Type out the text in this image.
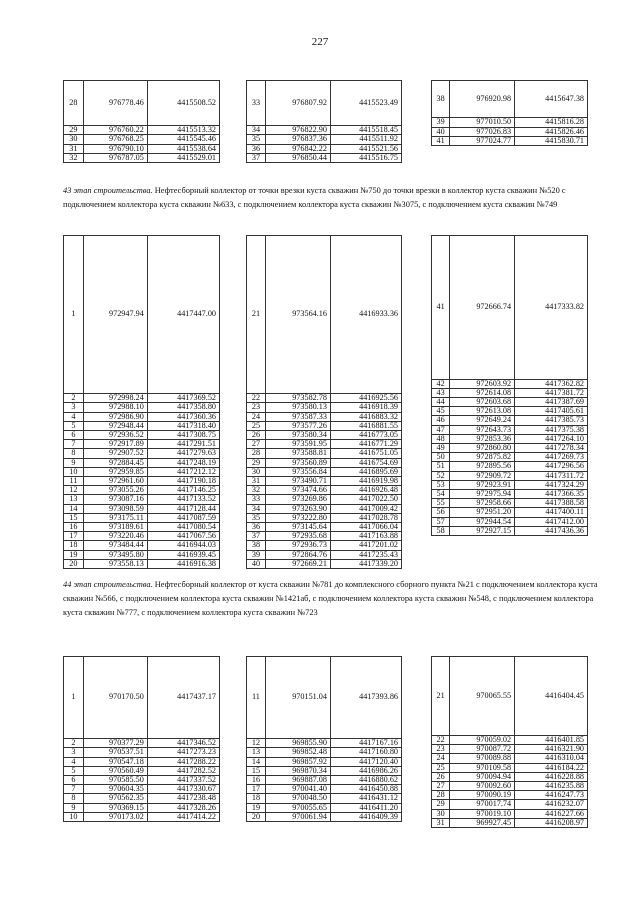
227
28	976778.46	4415508.52
29	976760.22	4415513.32
30	976768.25	4415545.46
31	976790.10	4415538.64
32	976787.05	4415529.01
33	976807.92	4415523.49
34	976822.90	4415518.45
35	976837.36	4415511.92
36	976842.22	4415521.56
37	976850.44	4415516.75
38	976920.98	4415647.38
39	977010.50	4415816.28
40	977026.83	4415826.46
41	977024.77	4415830.71
43 этап строительства. Нефтесборный коллектор от точки врезки куста скважин №750 до точки врезки в коллектор куста скважин №520 с подключением коллектора куста скважин №633, с подключением коллектора куста скважин №3075, с подключением куста скважин №749
1	972947.94	4417447.00
2	972998.24	4417369.52
3	972988.10	4417358.80
4	972986.90	4417360.36
5	972948.44	4417318.40
6	972936.52	4417308.75
7	972917.89	4417291.51
8	972907.52	4417279.63
9	972884.45	4417248.19
10	972959.85	4417212.12
11	972961.60	4417190.18
12	973055.26	4417146.25
13	973087.16	4417133.52
14	973098.59	4417128.44
15	973175.11	4417087.59
16	973189.61	4417080.54
17	973220.46	4417067.56
18	973484.44	4416944.03
19	973495.80	4416939.45
20	973558.13	4416916.38
21	973564.16	4416933.36
22	973582.78	4416925.56
23	973580.13	4416918.39
24	973587.33	4416883.32
25	973577.26	4416881.55
26	973580.34	4416773.05
27	973591.95	4416771.29
28	973588.81	4416751.05
29	973560.89	4416754.69
30	973556.84	4416895.69
31	973490.71	4416919.98
32	973474.66	4416926.48
33	973269.86	4417022.50
34	973263.90	4417009.42
35	973222.80	4417028.78
36	973145.64	4417066.04
37	972935.68	4417163.88
38	972936.73	4417201.02
39	972864.76	4417235.43
40	972669.21	4417339.20
41	972666.74	4417333.82
42	972603.92	4417362.82
43	972614.08	4417381.72
44	972603.68	4417387.69
45	972613.08	4417405.61
46	972649.24	4417385.73
47	972643.73	4417375.38
48	972853.36	4417264.10
49	972860.80	4417278.34
50	972875.82	4417269.73
51	972895.56	4417296.56
52	972909.72	4417311.72
53	972923.91	4417324.29
54	972975.94	4417366.35
55	972958.66	4417388.58
56	972951.20	4417400.11
57	972944.54	4417412.00
58	972927.15	4417436.36
44 этап строительства. Нефтесборный коллектор от куста скважин №781 до комплексного сборного пункта №21 с подключением коллектора куста скважин №566, с подключением коллектора куста скважин №1421аб, с подключением коллектора куста скважин №548, с подключением коллектора куста скважин №777, с подключением коллектора куста скважин №723
1	970170.50	4417437.17
2	970377.29	4417346.52
3	970537.51	4417273.23
4	970547.18	4417288.22
5	970560.49	4417282.52
6	970585.50	4417337.52
7	970604.35	4417330.67
8	970562.35	4417238.48
9	970369.15	4417328.26
10	970173.02	4417414.22
11	970151.04	4417393.86
12	969855.90	4417167.16
13	969852.48	4417160.80
14	969857.92	4417120.40
15	969870.34	4416986.26
16	969887.08	4416880.62
17	970041.40	4416450.88
18	970048.50	4416431.12
19	970055.65	4416411.20
20	970061.94	4416409.39
21	970065.55	4416404.45
22	970059.02	4416401.85
23	970087.72	4416321.90
24	970089.88	4416310.04
25	970109.58	4416184.22
26	970094.94	4416228.88
27	970092.60	4416235.88
28	970090.19	4416247.73
29	970017.74	4416232.07
30	970019.10	4416227.66
31	969927.45	4416208.97
